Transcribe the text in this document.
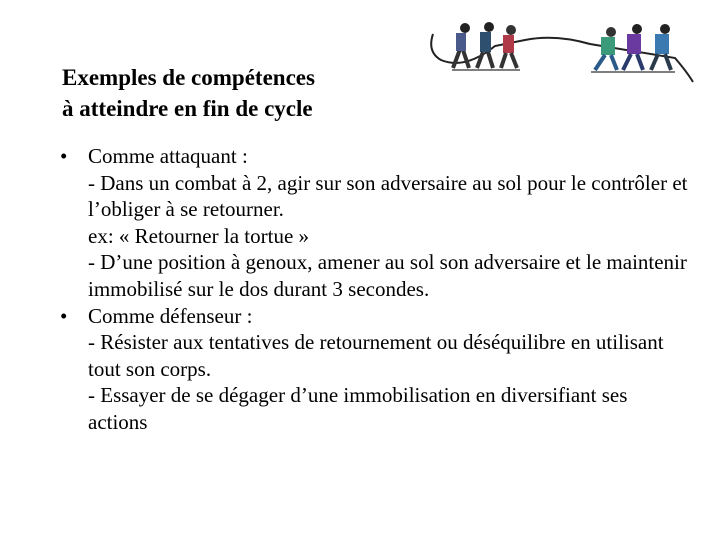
Exemples de compétences
à atteindre en fin de cycle
• Comme attaquant :
- Dans un combat à 2, agir sur son adversaire au sol pour le contrôler et l’obliger à se retourner.
ex: « Retourner la tortue »
- D’une position à genoux, amener au sol son adversaire et le maintenir immobilisé sur le dos durant 3 secondes.
• Comme défenseur :
- Résister aux tentatives de retournement ou déséquilibre en utilisant tout son corps.
- Essayer de se dégager d’une immobilisation en diversifiant ses actions
